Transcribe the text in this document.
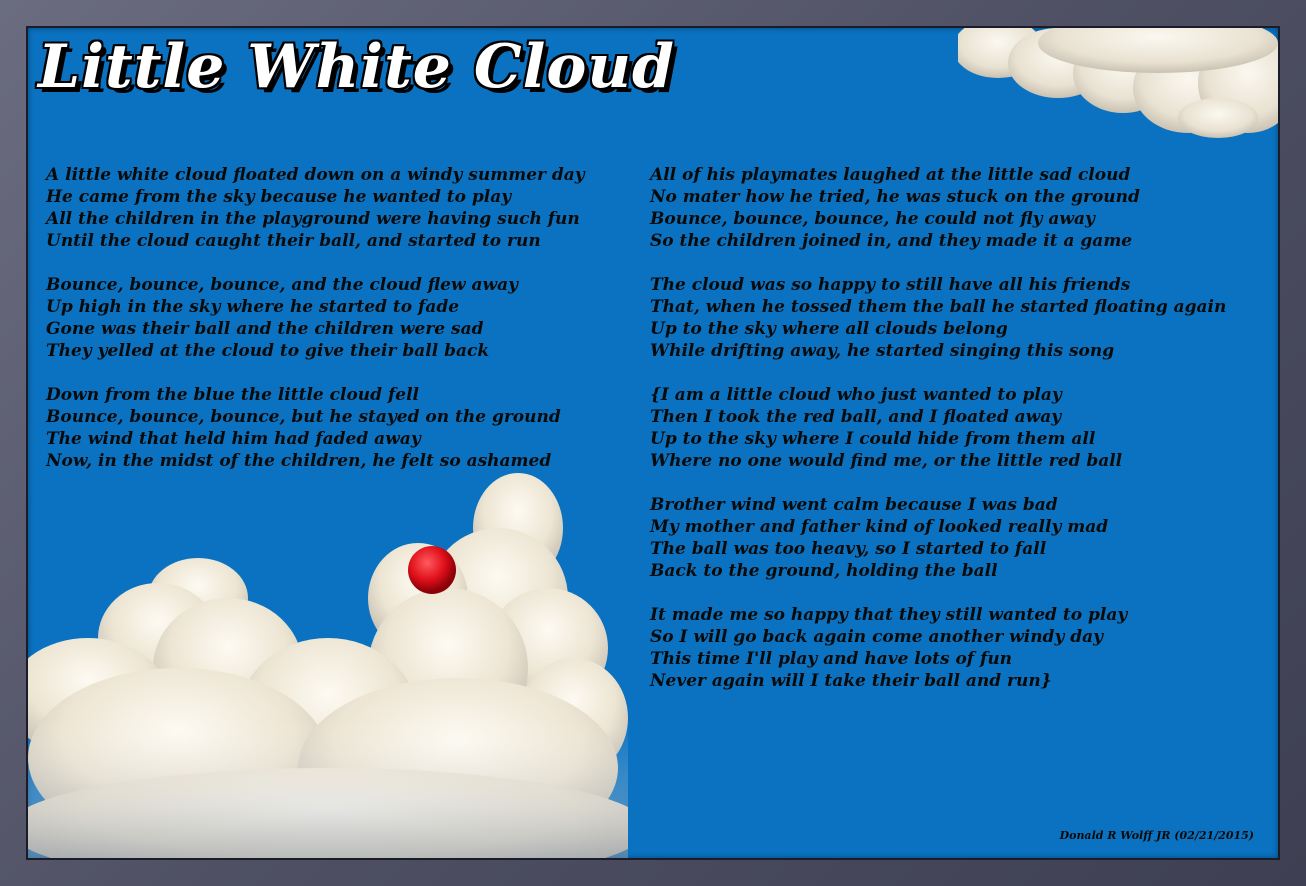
Little White Cloud
A little white cloud floated down on a windy summer day
He came from the sky because he wanted to play
All the children in the playground were having such fun
Until the cloud caught their ball, and started to run
Bounce, bounce, bounce, and the cloud flew away
Up high in the sky where he started to fade
Gone was their ball and the children were sad
They yelled at the cloud to give their ball back
Down from the blue the little cloud fell
Bounce, bounce, bounce, but he stayed on the ground
The wind that held him had faded away
Now, in the midst of the children, he felt so ashamed
All of his playmates laughed at the little sad cloud
No mater how he tried, he was stuck on the ground
Bounce, bounce, bounce, he could not fly away
So the children joined in, and they made it a game
The cloud was so happy to still have all his friends
That, when he tossed them the ball he started floating again
Up to the sky where all clouds belong
While drifting away, he started singing this song
{I am a little cloud who just wanted to play
Then I took the red ball, and I floated away
Up to the sky where I could hide from them all
Where no one would find me, or the little red ball
Brother wind went calm because I was bad
My mother and father kind of looked really mad
The ball was too heavy, so I started to fall
Back to the ground, holding the ball
It made me so happy that they still wanted to play
So I will go back again come another windy day
This time I'll play and have lots of fun
Never again will I take their ball and run}
Donald R Wolff JR (02/21/2015)
